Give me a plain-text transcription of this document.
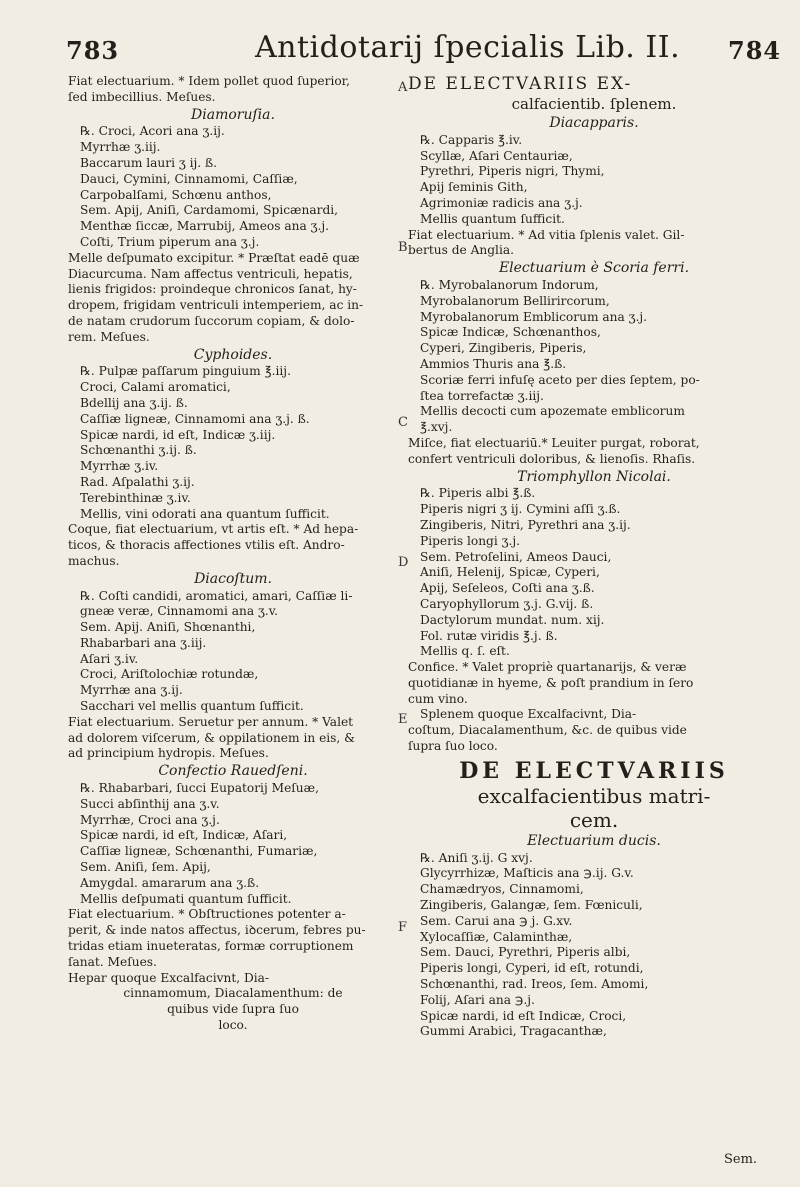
783	Antidotarij ſpecialis Lib. II. 784
A
B
C
D
E
F

Fiat electuarium. * Idem pollet quod ſuperior,

ſed imbecillius. Meſues.

Diamoruſia.

℞. Croci, Acori ana ʒ.ij.

Myrrhæ ʒ.iij.

Baccarum lauri ʒ ij. ß.

Dauci, Cymini, Cinnamomi, Caſſiæ,

Carpobalſami, Schœnu anthos,

Sem. Apij, Aniſi, Cardamomi, Spicænardi,

Menthæ ſiccæ, Marrubij, Ameos ana ʒ.j.

Coſti, Trium piperum ana ʒ.j.

Melle deſpumato excipitur. * Præſtat eadē quæ

Diacurcuma. Nam affectus ventriculi, hepatis,

lienis frigidos: proindeque chronicos ſanat, hy-

dropem, frigidam ventriculi intemperiem, ac in-

de natam crudorum ſuccorum copiam, & dolo-

rem. Meſues.

Cyphoides.

℞. Pulpæ paſſarum pinguium ℥.iij.

Croci, Calami aromatici,

Bdellij ana ʒ.ij. ß.

Caſſiæ ligneæ, Cinnamomi ana ʒ.j. ß.

Spicæ nardi, id eſt, Indicæ ʒ.iij.

Schœnanthi ʒ.ij. ß.

Myrrhæ ʒ.iv.

Rad. Aſpalathi ʒ.ij.

Terebinthinæ ʒ.iv.

Mellis, vini odorati ana quantum ſufficit.

Coque, fiat electuarium, vt artis eſt. * Ad hepa-

ticos, & thoracis affectiones vtilis eſt. Andro-

machus.

Diacoſtum.

℞. Coſti candidi, aromatici, amari, Caſſiæ li-

gneæ veræ, Cinnamomi ana ʒ.v.

Sem. Apij. Aniſi, Shœnanthi,

Rhabarbari ana ʒ.iij.

Aſari ʒ.iv.

Croci, Ariſtolochiæ rotundæ,

Myrrhæ ana ʒ.ij.

Sacchari vel mellis quantum ſufficit.

Fiat electuarium. Seruetur per annum. * Valet

ad dolorem viſcerum, & oppilationem in eis, &

ad principium hydropis. Meſues.

Confectio Rauedſeni.

℞. Rhabarbari, ſucci Eupatorij Meſuæ,

Succi abſinthij ana ʒ.v.

Myrrhæ, Croci ana ʒ.j.

Spicæ nardi, id eſt, Indicæ, Aſari,

Caſſiæ ligneæ, Schœnanthi, Fumariæ,

Sem. Aniſi, ſem. Apij,

Amygdal. amararum ana ʒ.ß.

Mellis deſpumati quantum ſufficit.

Fiat electuarium. * Obſtructiones potenter a-

perit, & inde natos affectus, iꝺcerum, febres pu-

tridas etiam inueteratas, formæ corruptionem

ſanat. Meſues.

Hepar quoque Excalfacivnt, Dia-

cinnamomum, Diacalamenthum: de

quibus vide ſupra ſuo

loco.

DE ELECTVARIIS EX-

calfacientib. ſplenem.

Diacapparis.

℞. Capparis ℥.iv.

Scyllæ, Aſari Centauriæ,

Pyrethri, Piperis nigri, Thymi,

Apij ſeminis Gith,

Agrimoniæ radicis ana ʒ.j.

Mellis quantum ſufficit.

Fiat electuarium. * Ad vitia ſplenis valet. Gil-

bertus de Anglia.

Electuarium è Scoria ferri.

℞. Myrobalanorum Indorum,

Myrobalanorum Bellirircorum,

Myrobalanorum Emblicorum ana ʒ.j.

Spicæ Indicæ, Schœnanthos,

Cyperi, Zingiberis, Piperis,

Ammios Thuris ana ℥.ß.

Scoriæ ferri infuſę aceto per dies ſeptem, po-

ſtea torrefactæ ʒ.iij.

Mellis decocti cum apozemate emblicorum

℥.xvj.

Miſce, fiat electuariū.* Leuiter purgat, roborat,

confert ventriculi doloribus, & lienoſis. Rhaſis.

Triomphyllon Nicolai.

℞. Piperis albi ℥.ß.

Piperis nigri ʒ ij. Cymini aſſi ʒ.ß.

Zingiberis, Nitri, Pyrethri ana ʒ.ij.

Piperis longi ʒ.j.

Sem. Petroſelini, Ameos Dauci,

Aniſi, Helenij, Spicæ, Cyperi,

Apij, Seſeleos, Coſti ana ʒ.ß.

Caryophyllorum ʒ.j. G.vij. ß.

Dactylorum mundat. num. xij.

Fol. rutæ viridis ℥.j. ß.

Mellis q. ſ. eſt.

Confice. * Valet propriè quartanarijs, & veræ

quotidianæ in hyeme, & poſt prandium in ſero

cum vino.

Splenem quoque Excalfacivnt, Dia-

coſtum, Diacalamenthum, &c. de quibus vide

ſupra ſuo loco.

DE ELECTVARIIS

excalfacientibus matri-

cem.

Electuarium ducis.

℞. Aniſi ʒ.ij. G xvj.

Glycyrrhizæ, Maſticis ana ℈.ij. G.v.

Chamædryos, Cinnamomi,

Zingiberis, Galangæ, ſem. Fœniculi,

Sem. Carui ana ℈ j. G.xv.

Xylocaſſiæ, Calaminthæ,

Sem. Dauci, Pyrethri, Piperis albi,

Piperis longi, Cyperi, id eſt, rotundi,

Schœnanthi, rad. Ireos, ſem. Amomi,

Folij, Aſari ana ℈.j.

Spicæ nardi, id eſt Indicæ, Croci,

Gummi Arabici, Tragacanthæ,

Sem.
